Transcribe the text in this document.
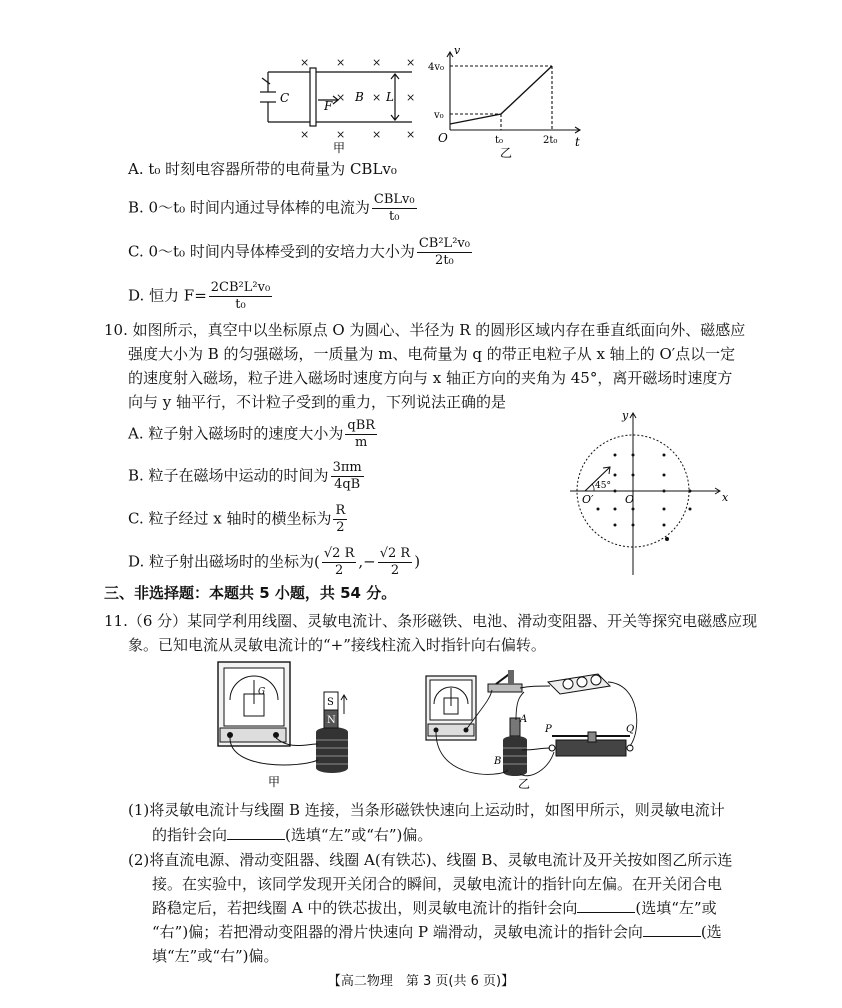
× × × ×
× × ×
× × × ×
C
F
B L
甲
v
t
O
4v₀
v₀
t₀	2t₀
乙
A. t₀ 时刻电容器所带的电荷量为 CBLv₀
B. 0～t₀ 时间内通过导体棒的电流为 $\frac{\text{CBLv₀}}{\text{t₀}}$
C. 0～t₀ 时间内导体棒受到的安培力大小为 $\frac{\text{CB²L²v₀}}{\text{2t₀}}$
D. 恒力 $F= \frac{\text{2CB²L²v₀}}{\text{t₀}}$
10. 如图所示，真空中以坐标原点 O 为圆心、半径为 R 的圆形区域内存在垂直纸面向外、磁感应
强度大小为 B 的匀强磁场，一质量为 m、电荷量为 q 的带正电粒子从 x 轴上的 O′点以一定
的速度射入磁场，粒子进入磁场时速度方向与 x 轴正方向的夹角为 45°，离开磁场时速度方
向与 y 轴平行，不计粒子受到的重力，下列说法正确的是
A. 粒子射入磁场时的速度大小为 $\frac{\text{qBR}}{m}$
B. 粒子在磁场中运动的时间为 $\frac{3\pi m}{4qB}$
C. 粒子经过 x 轴时的横坐标为 $\frac{R}{2}$
D. 粒子射出磁场时的坐标为( $\frac{√2 R}{2}$ ,− $\frac{√2 R}{2}$ )
y
x
O
O′
45°
三、非选择题：本题共 5 小题，共 54 分。
11.（6 分）某同学利用线圈、灵敏电流计、条形磁铁、电池、滑动变阻器、开关等探究电磁感应现
象。已知电流从灵敏电流计的“+”接线柱流入时指针向右偏转。
G
S
N
甲
A
B
P	Q
乙
(1)将灵敏电流计与线圈 B 连接，当条形磁铁快速向上运动时，如图甲所示，则灵敏电流计
的指针会向	(选填“左”或“右”)偏。
(2)将直流电源、滑动变阻器、线圈 A(有铁芯)、线圈 B、灵敏电流计及开关按如图乙所示连
接。在实验中，该同学发现开关闭合的瞬间，灵敏电流计的指针向左偏。在开关闭合电
路稳定后，若把线圈 A 中的铁芯拔出，则灵敏电流计的指针会向	(选填“左”或
“右”)偏；若把滑动变阻器的滑片快速向 P 端滑动，灵敏电流计的指针会向	(选
填“左”或“右”)偏。
【高二物理　第 3 页(共 6 页)】
